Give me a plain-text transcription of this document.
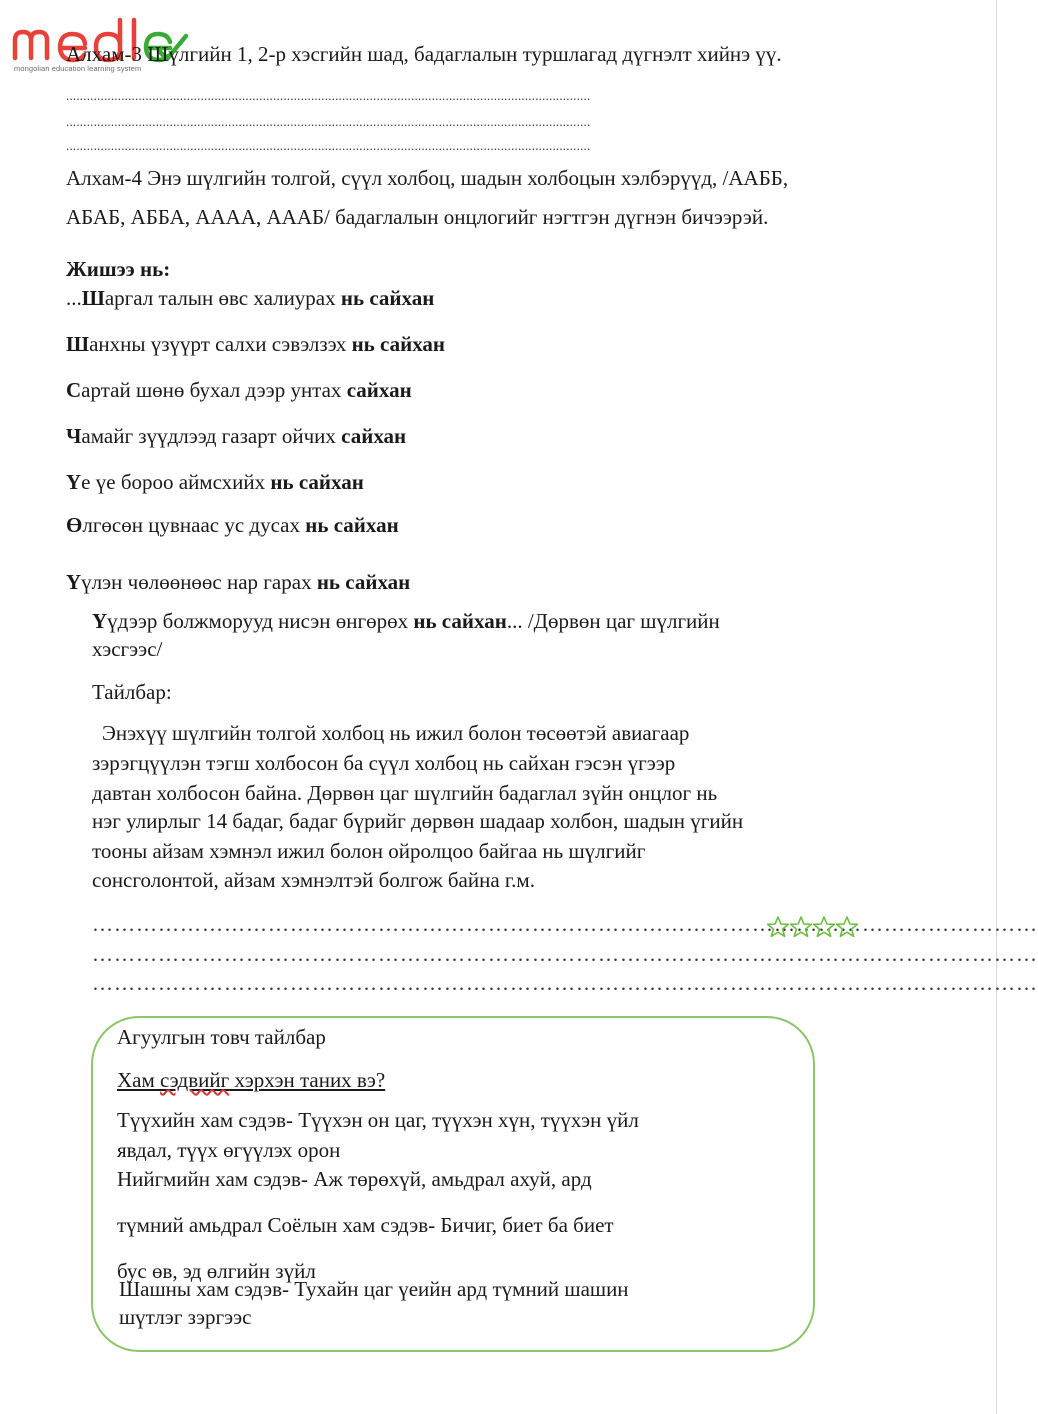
mongolian education learning system
Алхам-3 Шүлгийн 1, 2-р хэсгийн шад, бадаглалын туршлагад дүгнэлт хийнэ үү.
........................................................................................................................................................
........................................................................................................................................................
........................................................................................................................................................
Алхам-4 Энэ шүлгийн толгой, сүүл холбоц, шадын холбоцын хэлбэрүүд, /ААББ,
АБАБ, АББА, АААА, АААБ/ бадаглалын онцлогийг нэгтгэн дүгнэн бичээрэй.
Жишээ нь:
...Шаргал талын өвс халиурах нь сайхан
Шанхны үзүүрт салхи сэвэлзэх нь сайхан
Сартай шөнө бухал дээр унтах сайхан
Чамайг зүүдлээд газарт ойчих сайхан
Үе үе бороо аймсхийх нь сайхан
Өлгөсөн цувнаас ус дусах нь сайхан
Үүлэн чөлөөнөөс нар гарах нь сайхан
Үүдээр болжморууд нисэн өнгөрөх нь сайхан... /Дөрвөн цаг шүлгийн
хэсгээс/
Тайлбар:
Энэхүү шүлгийн толгой холбоц нь ижил болон төсөөтэй авиагаар
зэрэгцүүлэн тэгш холбосон ба сүүл холбоц нь сайхан гэсэн үгээр
давтан холбосон байна. Дөрвөн цаг шүлгийн бадаглал зүйн онцлог нь
нэг улирлыг 14 бадаг, бадаг бүрийг дөрвөн шадаар холбон, шадын үгийн
тооны айзам хэмнэл ижил болон ойролцоо байгаа нь шүлгийг
сонсголонтой, айзам хэмнэлтэй болгож байна г.м.
…………………………………………………………………………………………………………………
…………………………………………………………………………………………………………………
…………………………………………………………………………………………………………………
Агуулгын товч тайлбар
Хам сэдвийг хэрхэн таних вэ?
Түүхийн хам сэдэв- Түүхэн он цаг, түүхэн хүн, түүхэн үйл
явдал, түүх өгүүлэх орон
Нийгмийн хам сэдэв- Аж төрөхүй, амьдрал ахуй, ард
түмний амьдрал Соёлын хам сэдэв- Бичиг, биет ба биет
бус өв, эд өлгийн зүйл
Шашны хам сэдэв- Тухайн цаг үеийн ард түмний шашин
шүтлэг зэргээс
